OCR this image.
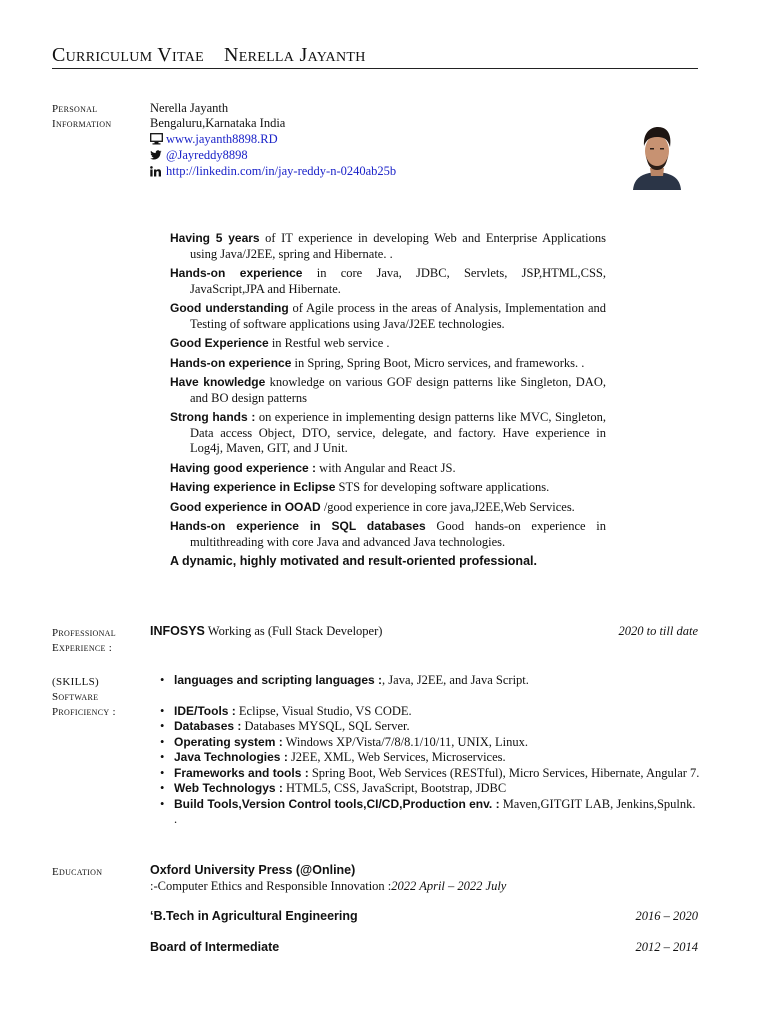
Curriculum Vitae Nerella Jayanth
Personal
Information
Nerella Jayanth
Bengaluru,Karnataka India
www.jayanth8898.RD
@Jayreddy8898
http://linkedin.com/in/jay-reddy-n-0240ab25b
Having 5 years of IT experience in developing Web and Enterprise Applications using Java/J2EE, spring and Hibernate. .
Hands-on experience in core Java, JDBC, Servlets, JSP,HTML,CSS, JavaScript,JPA and Hibernate.
Good understanding of Agile process in the areas of Analysis, Implementation and Testing of software applications using Java/J2EE technologies.
Good Experience in Restful web service .
Hands-on experience in Spring, Spring Boot, Micro services, and frameworks. .
Have knowledge knowledge on various GOF design patterns like Singleton, DAO, and BO design patterns
Strong hands : on experience in implementing design patterns like MVC, Singleton, Data access Object, DTO, service, delegate, and factory. Have experience in Log4j, Maven, GIT, and J Unit.
Having good experience : with Angular and React JS.
Having experience in Eclipse STS for developing software applications.
Good experience in OOAD /good experience in core java,J2EE,Web Services.
Hands-on experience in SQL databases Good hands-on experience in multithreading with core Java and advanced Java technologies.
A dynamic, highly motivated and result-oriented professional.
Professional
Experience :
INFOSYS Working as (Full Stack Developer)	2020 to till date
(SKILLS)
Software
Proficiency :
• languages and scripting languages :, Java, J2EE, and Java Script.
• IDE/Tools : Eclipse, Visual Studio, VS CODE.
• Databases : Databases MYSQL, SQL Server.
• Operating system : Windows XP/Vista/7/8/8.1/10/11, UNIX, Linux.
• Java Technologies : J2EE, XML, Web Services, Microservices.
• Frameworks and tools : Spring Boot, Web Services (RESTful), Micro Services, Hibernate, Angular 7.
• Web Technologys : HTML5, CSS, JavaScript, Bootstrap, JDBC
• Build Tools,Version Control tools,CI/CD,Production env. : Maven,GITGIT LAB, Jenkins,Spulnk.
.
Education	Oxford University Press (@Online)
:-Computer Ethics and Responsible Innovation :2022 April – 2022 July
‘B.Tech in Agricultural Engineering	2016 – 2020
Board of Intermediate	2012 – 2014
